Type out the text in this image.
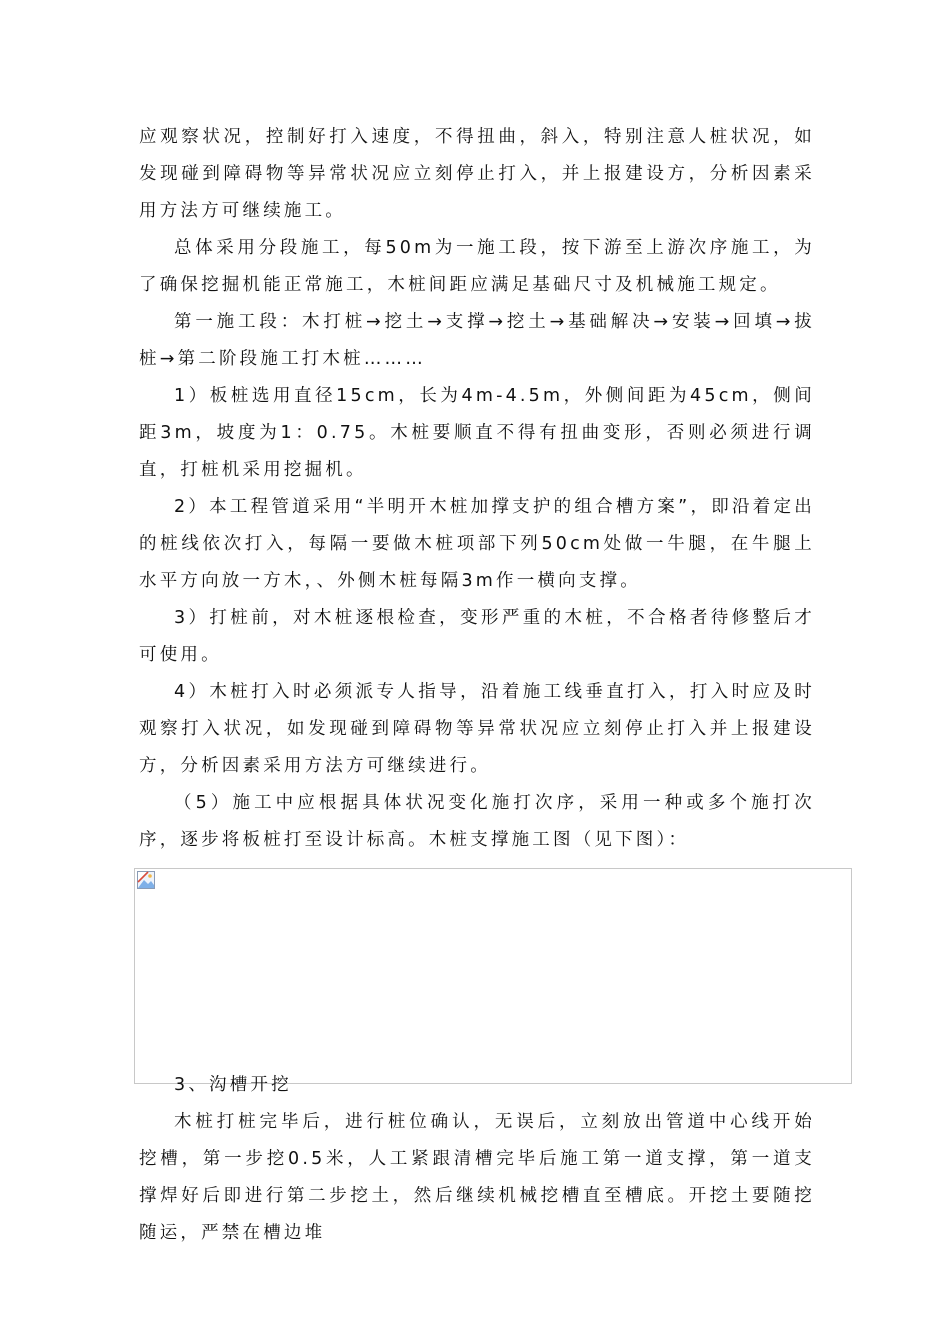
应观察状况，控制好打入速度，不得扭曲，斜入，特别注意人桩状况，如发现碰到障碍物等异常状况应立刻停止打入，并上报建设方，分析因素采用方法方可继续施工。

总体采用分段施工，每50m为一施工段，按下游至上游次序施工，为了确保挖掘机能正常施工，木桩间距应满足基础尺寸及机械施工规定。

第一施工段：木打桩→挖土→支撑→挖土→基础解决→安装→回填→拔桩→第二阶段施工打木桩………

1）板桩选用直径15cm，长为4m-4.5m，外侧间距为45cm，侧间距3m，坡度为1：0.75。木桩要顺直不得有扭曲变形，否则必须进行调直，打桩机采用挖掘机。

2）本工程管道采用“半明开木桩加撑支护的组合槽方案”，即沿着定出的桩线依次打入，每隔一要做木桩项部下列50cm处做一牛腿，在牛腿上水平方向放一方木，、外侧木桩每隔3m作一横向支撑。

3）打桩前，对木桩逐根检查，变形严重的木桩，不合格者待修整后才可使用。

4）木桩打入时必须派专人指导，沿着施工线垂直打入，打入时应及时观察打入状况，如发现碰到障碍物等异常状况应立刻停止打入并上报建设方，分析因素采用方法方可继续进行。

（5）施工中应根据具体状况变化施打次序，采用一种或多个施打次序，逐步将板桩打至设计标高。木桩支撑施工图（见下图）：

3、沟槽开挖

木桩打桩完毕后，进行桩位确认，无误后，立刻放出管道中心线开始挖槽，第一步挖0.5米，人工紧跟清槽完毕后施工第一道支撑，第一道支撑焊好后即进行第二步挖土，然后继续机械挖槽直至槽底。开挖土要随挖随运，严禁在槽边堆
